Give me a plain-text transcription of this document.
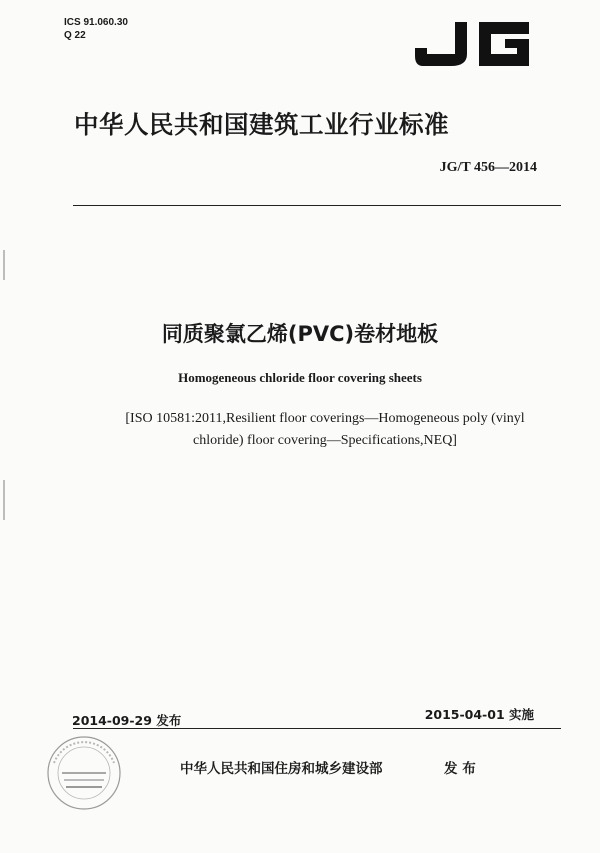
ICS 91.060.30
Q 22
中华人民共和国建筑工业行业标准
JG/T 456—2014
同质聚氯乙烯(PVC)卷材地板
Homogeneous chloride floor covering sheets
[ISO 10581:2011,Resilient floor coverings—Homogeneous poly (vinyl chloride) floor covering—Specifications,NEQ]
2014-09-29 发布	2015-04-01 实施
中华人民共和国住房和城乡建设部	发 布
